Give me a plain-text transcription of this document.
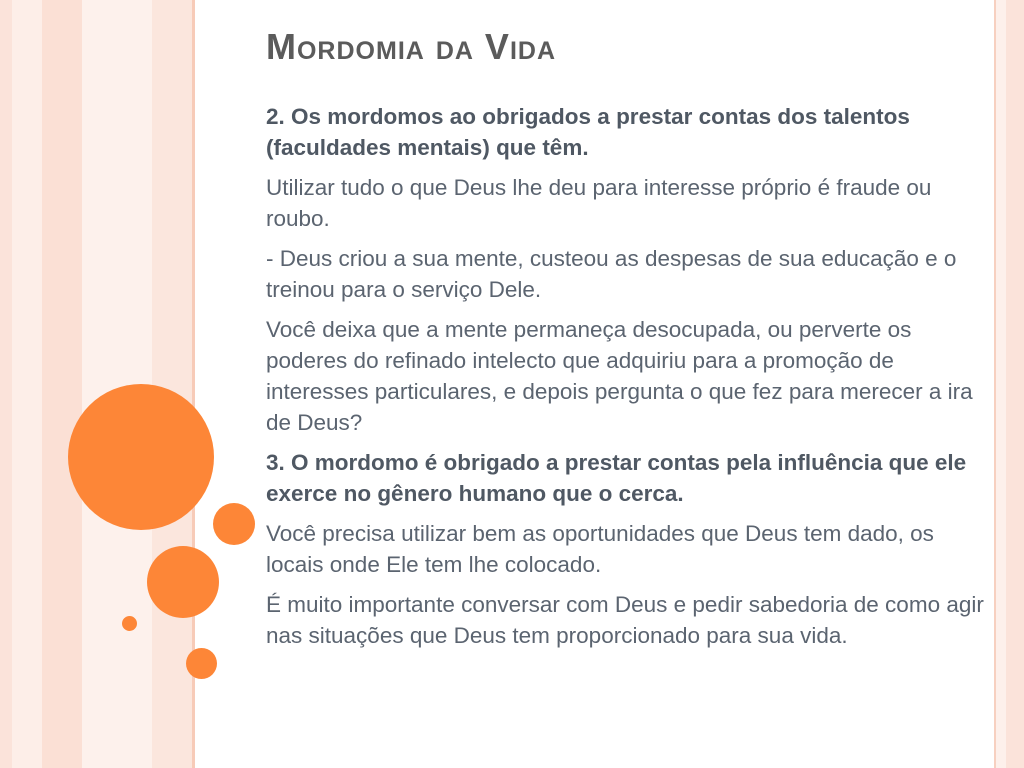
Mordomia da Vida

2. Os mordomos ao obrigados a prestar contas dos talentos (faculdades mentais) que têm.

Utilizar tudo o que Deus lhe deu para interesse próprio é fraude ou roubo.

- Deus criou a sua mente, custeou as despesas de sua educação e o treinou para o serviço Dele.

Você deixa que a mente permaneça desocupada, ou perverte os poderes do refinado intelecto que adquiriu para a promoção de interesses particulares, e depois pergunta o que fez para merecer a ira de Deus?

3. O mordomo é obrigado a prestar contas pela influência que ele exerce no gênero humano que o cerca.

Você precisa utilizar bem as oportunidades que Deus tem dado, os locais onde Ele tem lhe colocado.

É muito importante conversar com Deus e pedir sabedoria de como agir nas situações que Deus tem proporcionado para sua vida.
